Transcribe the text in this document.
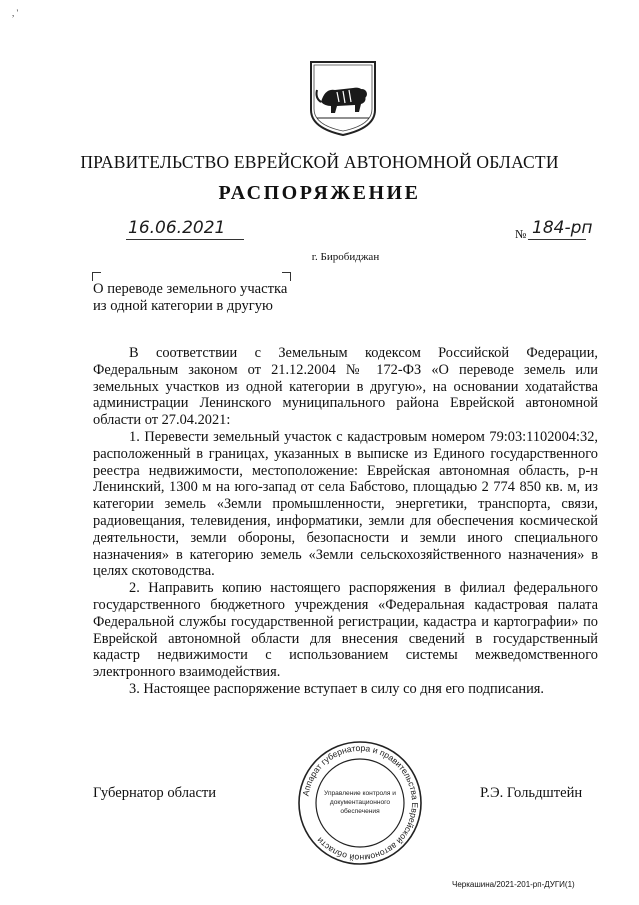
, '
ПРАВИТЕЛЬСТВО ЕВРЕЙСКОЙ АВТОНОМНОЙ ОБЛАСТИ
РАСПОРЯЖЕНИЕ
16.06.2021	№ 184-рп
г. Биробиджан
О переводе земельного участка
из одной категории в другую

В соответствии с Земельным кодексом Российской Федерации, Федеральным законом от 21.12.2004 № 172-ФЗ «О переводе земель или земельных участков из одной категории в другую», на основании ходатайства администрации Ленинского муниципального района Еврейской автономной области от 27.04.2021:

1. Перевести земельный участок с кадастровым номером 79:03:1102004:32, расположенный в границах, указанных в выписке из Единого государственного реестра недвижимости, местоположение: Еврейская автономная область, р-н Ленинский, 1300 м на юго-запад от села Бабстово, площадью 2 774 850 кв. м, из категории земель «Земли промышленности, энергетики, транспорта, связи, радиовещания, телевидения, информатики, земли для обеспечения космической деятельности, земли обороны, безопасности и земли иного специального назначения» в категорию земель «Земли сельскохозяйственного назначения» в целях скотоводства.

2. Направить копию настоящего распоряжения в филиал федерального государственного бюджетного учреждения «Федеральная кадастровая палата Федеральной службы государственной регистрации, кадастра и картографии» по Еврейской автономной области для внесения сведений в государственный кадастр недвижимости с использованием системы межведомственного электронного взаимодействия.

3. Настоящее распоряжение вступает в силу со дня его подписания.

Губернатор области	Р.Э. Гольдштейн
Аппарат губернатора и правительства Еврейской автономной области
Управление контроля и
документационного
обеспечения
Черкашина/2021-201-рп-ДУГИ(1)
